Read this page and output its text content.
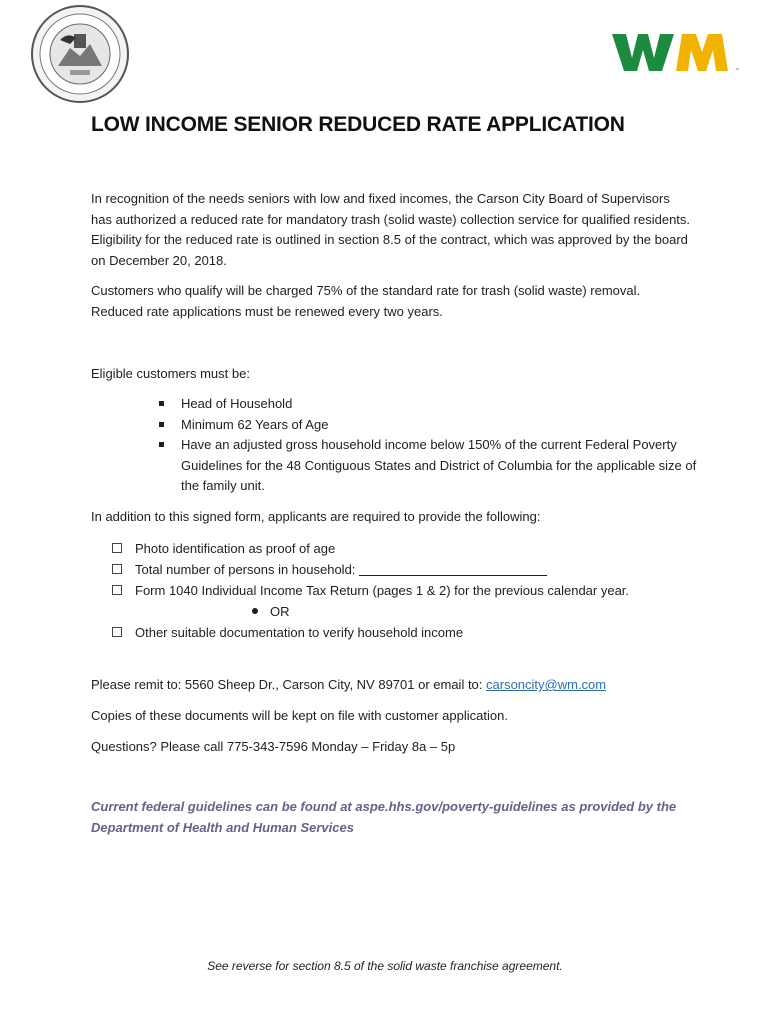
™
LOW INCOME SENIOR REDUCED RATE APPLICATION
In recognition of the needs seniors with low and fixed incomes, the Carson City Board of Supervisors has authorized a reduced rate for mandatory trash (solid waste) collection service for qualified residents. Eligibility for the reduced rate is outlined in section 8.5 of the contract, which was approved by the board on December 20, 2018.
Customers who qualify will be charged 75% of the standard rate for trash (solid waste) removal. Reduced rate applications must be renewed every two years.
Eligible customers must be:
Head of Household
Minimum 62 Years of Age
Have an adjusted gross household income below 150% of the current Federal Poverty Guidelines for the 48 Contiguous States and District of Columbia for the applicable size of the family unit.
In addition to this signed form, applicants are required to provide the following:
Photo identification as proof of age
Total number of persons in household:
Form 1040 Individual Income Tax Return (pages 1 & 2) for the previous calendar year.
OR
Other suitable documentation to verify household income
Please remit to: 5560 Sheep Dr., Carson City, NV 89701 or email to: carsoncity@wm.com
Copies of these documents will be kept on file with customer application.
Questions? Please call 775-343-7596 Monday – Friday 8a – 5p
Current federal guidelines can be found at aspe.hhs.gov/poverty-guidelines as provided by the Department of Health and Human Services
See reverse for section 8.5 of the solid waste franchise agreement.
